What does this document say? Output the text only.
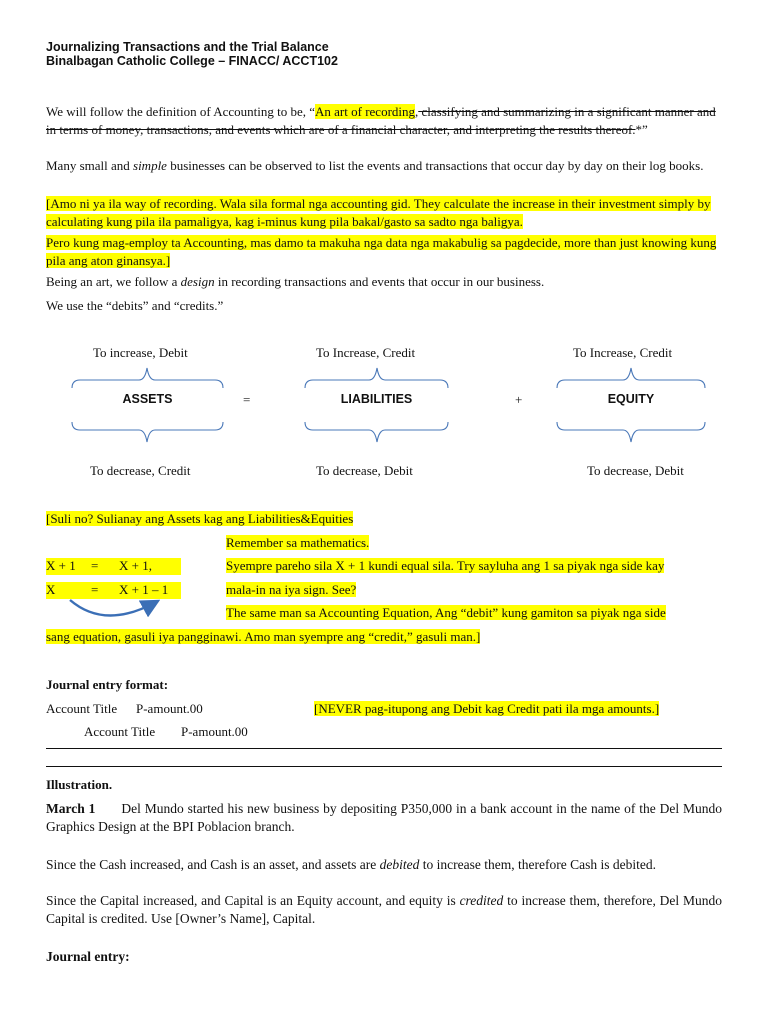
Journalizing Transactions and the Trial Balance
Binalbagan Catholic College – FINACC/ ACCT102
We will follow the definition of Accounting to be, “An art of recording, classifying and summarizing in a significant manner and in terms of money, transactions, and events which are of a financial character, and interpreting the results thereof.*”
Many small and simple businesses can be observed to list the events and transactions that occur day by day on their log books.
[Amo ni ya ila way of recording. Wala sila formal nga accounting gid. They calculate the increase in their investment simply by calculating kung pila ila pamaligya, kag i-minus kung pila bakal/gasto sa sadto nga baligya.
Pero kung mag-employ ta Accounting, mas damo ta makuha nga data nga makabulig sa pagdecide, more than just knowing kung pila ang aton ginansya.]
Being an art, we follow a design in recording transactions and events that occur in our business.
We use the “debits” and “credits.”
To increase, Debit	To Increase, Credit	To Increase, Credit
ASSETS	=	LIABILITIES	+	EQUITY
To decrease, Credit	To decrease, Debit	To decrease, Debit
[Suli no? Sulianay ang Assets kag ang Liabilities&Equities
Remember sa mathematics.
X + 1 = X + 1,	Syempre pareho sila X + 1 kundi equal sila. Try sayluha ang 1 sa piyak nga side kay
X	= X + 1 – 1	mala-in na iya sign. See?
The same man sa Accounting Equation, Ang “debit” kung gamiton sa piyak nga side
sang equation, gasuli iya pangginawi. Amo man syempre ang “credit,” gasuli man.]
Journal entry format:
Account Title P-amount.00	[NEVER pag-itupong ang Debit kag Credit pati ila mga amounts.]
Account Title P-amount.00
Illustration.
March 1 Del Mundo started his new business by depositing P350,000 in a bank account in the name of the Del Mundo Graphics Design at the BPI Poblacion branch.
Since the Cash increased, and Cash is an asset, and assets are debited to increase them, therefore Cash is debited.
Since the Capital increased, and Capital is an Equity account, and equity is credited to increase them, therefore, Del Mundo Capital is credited. Use [Owner’s Name], Capital.
Journal entry:
